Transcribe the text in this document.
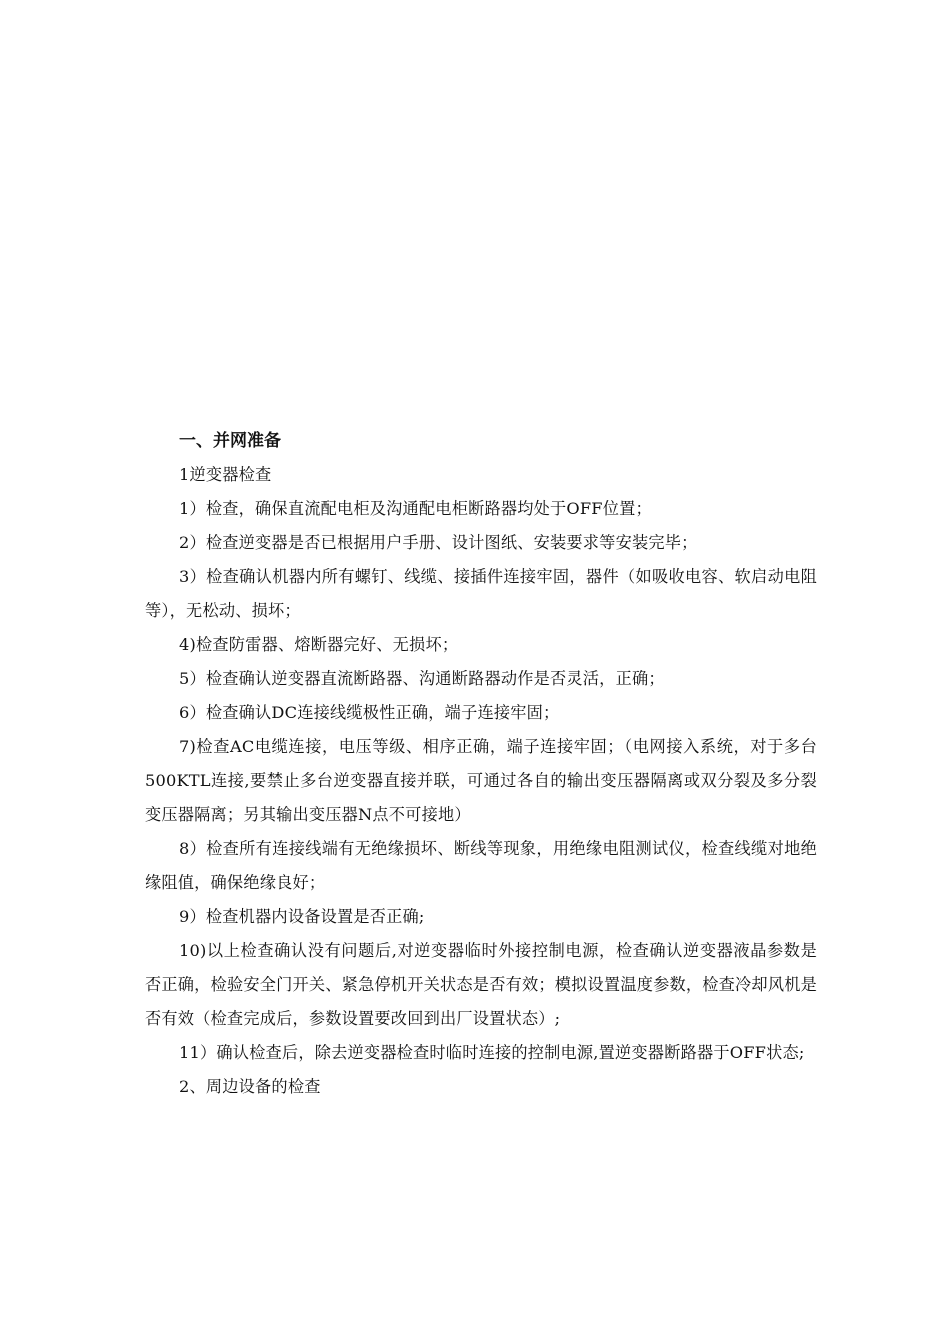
一、并网准备

1逆变器检查

1）检查，确保直流配电柜及沟通配电柜断路器均处于OFF位置；

2）检查逆变器是否已根据用户手册、设计图纸、安装要求等安装完毕；

3）检查确认机器内所有螺钉、线缆、接插件连接牢固，器件（如吸收电容、软启动电阻等），无松动、损坏；

4)检查防雷器、熔断器完好、无损坏；

5）检查确认逆变器直流断路器、沟通断路器动作是否灵活，正确；

6）检查确认DC连接线缆极性正确，端子连接牢固；

7)检查AC电缆连接，电压等级、相序正确，端子连接牢固；（电网接入系统，对于多台500KTL连接,要禁止多台逆变器直接并联，可通过各自的输出变压器隔离或双分裂及多分裂变压器隔离；另其输出变压器N点不可接地）

8）检查所有连接线端有无绝缘损坏、断线等现象，用绝缘电阻测试仪，检查线缆对地绝缘阻值，确保绝缘良好；

9）检查机器内设备设置是否正确;

10)以上检查确认没有问题后,对逆变器临时外接控制电源，检查确认逆变器液晶参数是否正确，检验安全门开关、紧急停机开关状态是否有效；模拟设置温度参数，检查冷却风机是否有效（检查完成后，参数设置要改回到出厂设置状态）;

11）确认检查后，除去逆变器检查时临时连接的控制电源,置逆变器断路器于OFF状态;

2、周边设备的检查
